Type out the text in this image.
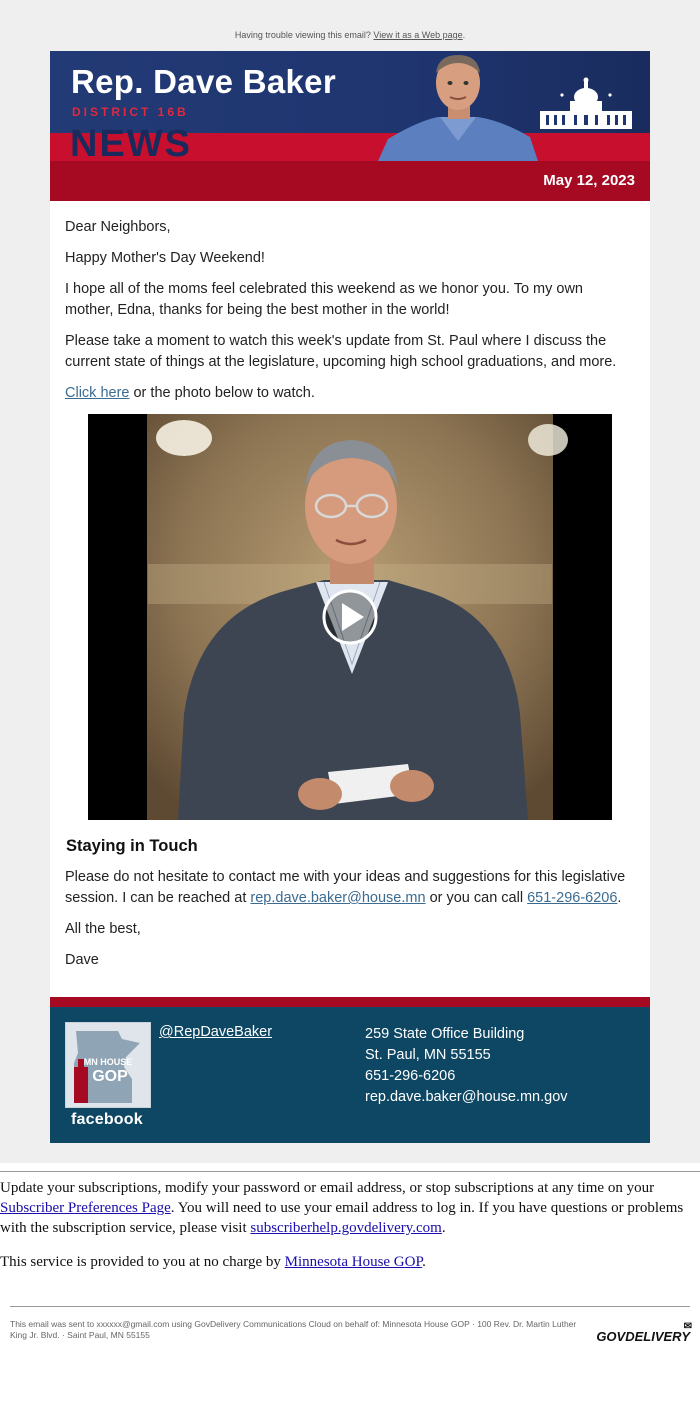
Having trouble viewing this email? View it as a Web page.
Rep. Dave Baker
DISTRICT 16B
NEWS
May 12, 2023

Dear Neighbors,

Happy Mother's Day Weekend!

I hope all of the moms feel celebrated this weekend as we honor you. To my own mother, Edna, thanks for being the best mother in the world!

Please take a moment to watch this week's update from St. Paul where I discuss the current state of things at the legislature, upcoming high school graduations, and more.

Click here or the photo below to watch.

Staying in Touch

Please do not hesitate to contact me with your ideas and suggestions for this legislative session. I can be reached at rep.dave.baker@house.mn or you can call 651-296-6206.

All the best,

Dave

MN HOUSE
GOP
facebook
@RepDaveBaker	259 State Office Building
St. Paul, MN 55155
651-296-6206
rep.dave.baker@house.mn.gov

Update your subscriptions, modify your password or email address, or stop subscriptions at any time on your Subscriber Preferences Page. You will need to use your email address to log in. If you have questions or problems with the subscription service, please visit subscriberhelp.govdelivery.com.

This service is provided to you at no charge by Minnesota House GOP.

This email was sent to xxxxxx@gmail.com using GovDelivery Communications Cloud on behalf of: Minnesota House GOP · 100 Rev. Dr. Martin Luther King Jr. Blvd. · Saint Paul, MN 55155	GOVDELIVERY
✉
